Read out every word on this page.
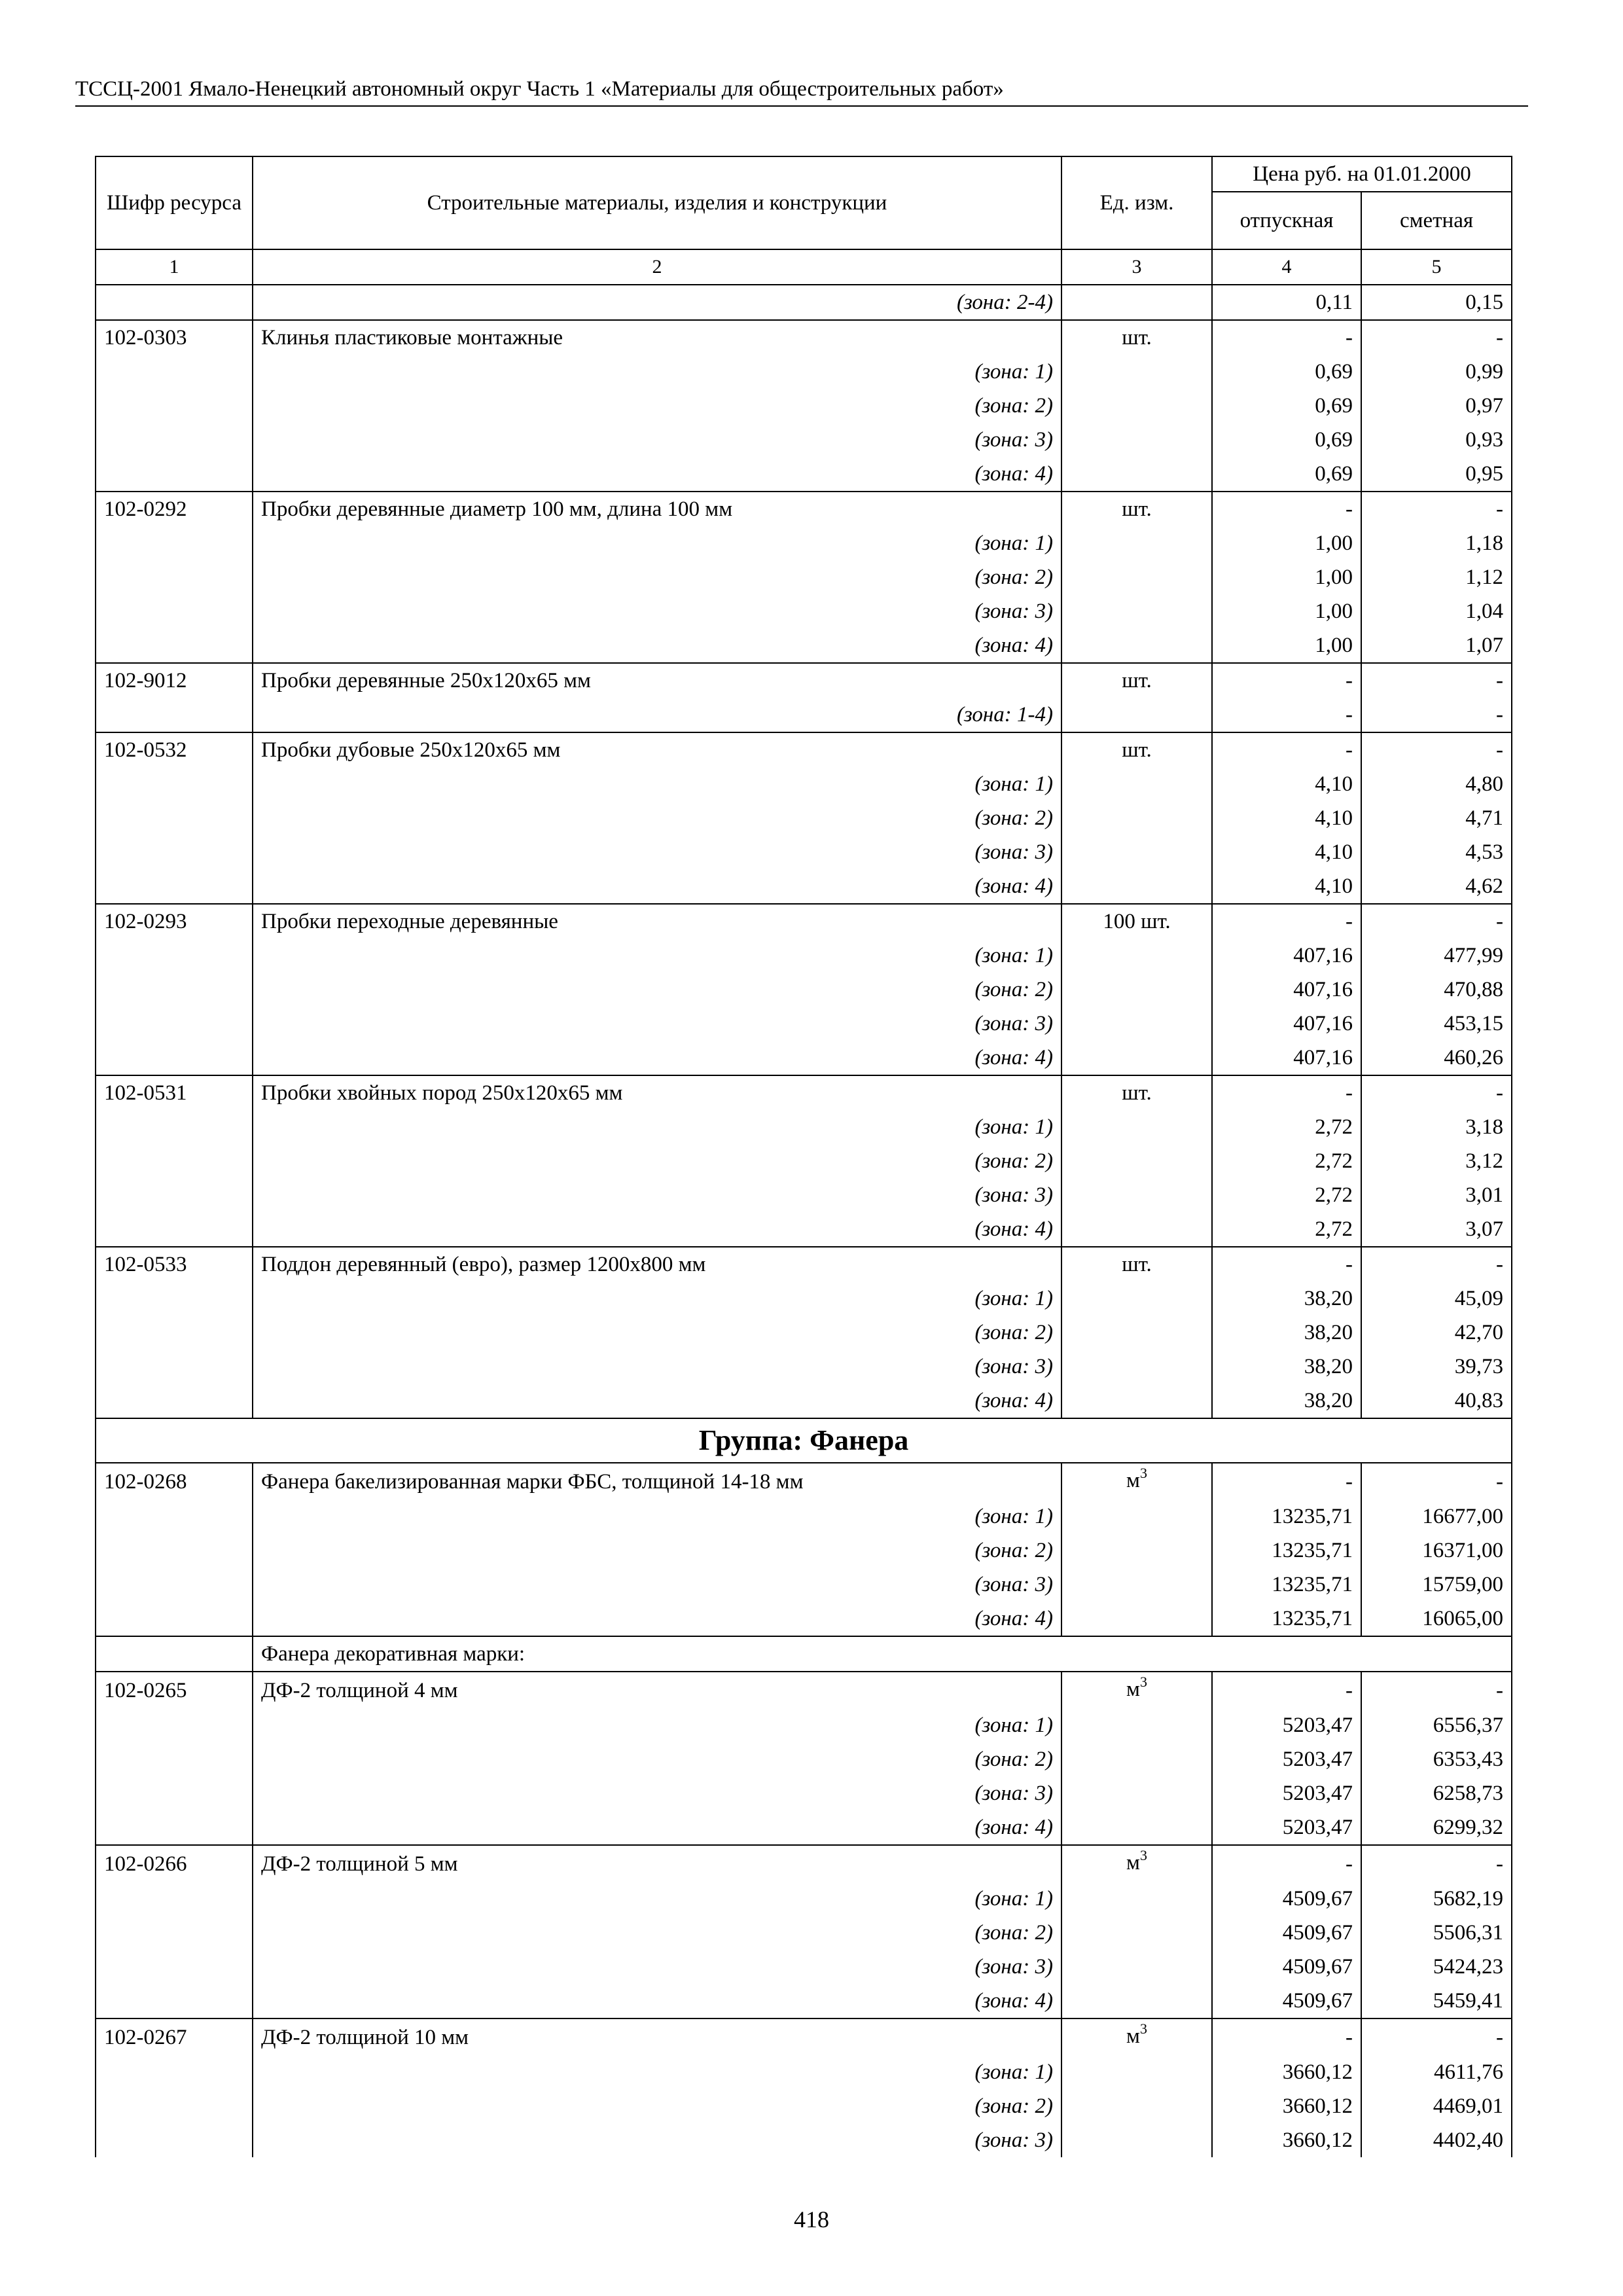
ТССЦ-2001 Ямало-Ненецкий автономный округ Часть 1 «Материалы для общестроительных работ»
Шифр ресурса	Строительные материалы, изделия и конструкции	Ед. изм.	Цена руб. на 01.01.2000	
			отпускная	сметная
1	2	3	4	5
	(зона: 2-4)		0,11	0,15
102-0303	Клинья пластиковые монтажные	шт.	-	-
	(зона: 1)		0,69	0,99
	(зона: 2)		0,69	0,97
	(зона: 3)		0,69	0,93
	(зона: 4)		0,69	0,95
102-0292	Пробки деревянные диаметр 100 мм, длина 100 мм	шт.	-	-
	(зона: 1)		1,00	1,18
	(зона: 2)		1,00	1,12
	(зона: 3)		1,00	1,04
	(зона: 4)		1,00	1,07
102-9012	Пробки деревянные 250х120х65 мм	шт.	-	-
	(зона: 1-4)		-	-
102-0532	Пробки дубовые 250х120х65 мм	шт.	-	-
	(зона: 1)		4,10	4,80
	(зона: 2)		4,10	4,71
	(зона: 3)		4,10	4,53
	(зона: 4)		4,10	4,62
102-0293	Пробки переходные деревянные	100 шт.	-	-
	(зона: 1)		407,16	477,99
	(зона: 2)		407,16	470,88
	(зона: 3)		407,16	453,15
	(зона: 4)		407,16	460,26
102-0531	Пробки хвойных пород 250х120х65 мм	шт.	-	-
	(зона: 1)		2,72	3,18
	(зона: 2)		2,72	3,12
	(зона: 3)		2,72	3,01
	(зона: 4)		2,72	3,07
102-0533	Поддон деревянный (евро), размер 1200х800 мм	шт.	-	-
	(зона: 1)		38,20	45,09
	(зона: 2)		38,20	42,70
	(зона: 3)		38,20	39,73
	(зона: 4)		38,20	40,83
Группа: Фанера				
102-0268	Фанера бакелизированная марки ФБС, толщиной 14-18 мм	$м^3$	-	-
	(зона: 1)		13235,71	16677,00
	(зона: 2)		13235,71	16371,00
	(зона: 3)		13235,71	15759,00
	(зона: 4)		13235,71	16065,00
	Фанера декоративная марки:			
102-0265	ДФ-2 толщиной 4 мм	$м^3$	-	-
	(зона: 1)		5203,47	6556,37
	(зона: 2)		5203,47	6353,43
	(зона: 3)		5203,47	6258,73
	(зона: 4)		5203,47	6299,32
102-0266	ДФ-2 толщиной 5 мм	$м^3$	-	-
	(зона: 1)		4509,67	5682,19
	(зона: 2)		4509,67	5506,31
	(зона: 3)		4509,67	5424,23
	(зона: 4)		4509,67	5459,41
102-0267	ДФ-2 толщиной 10 мм	$м^3$	-	-
	(зона: 1)		3660,12	4611,76
	(зона: 2)		3660,12	4469,01
	(зона: 3)		3660,12	4402,40
418
